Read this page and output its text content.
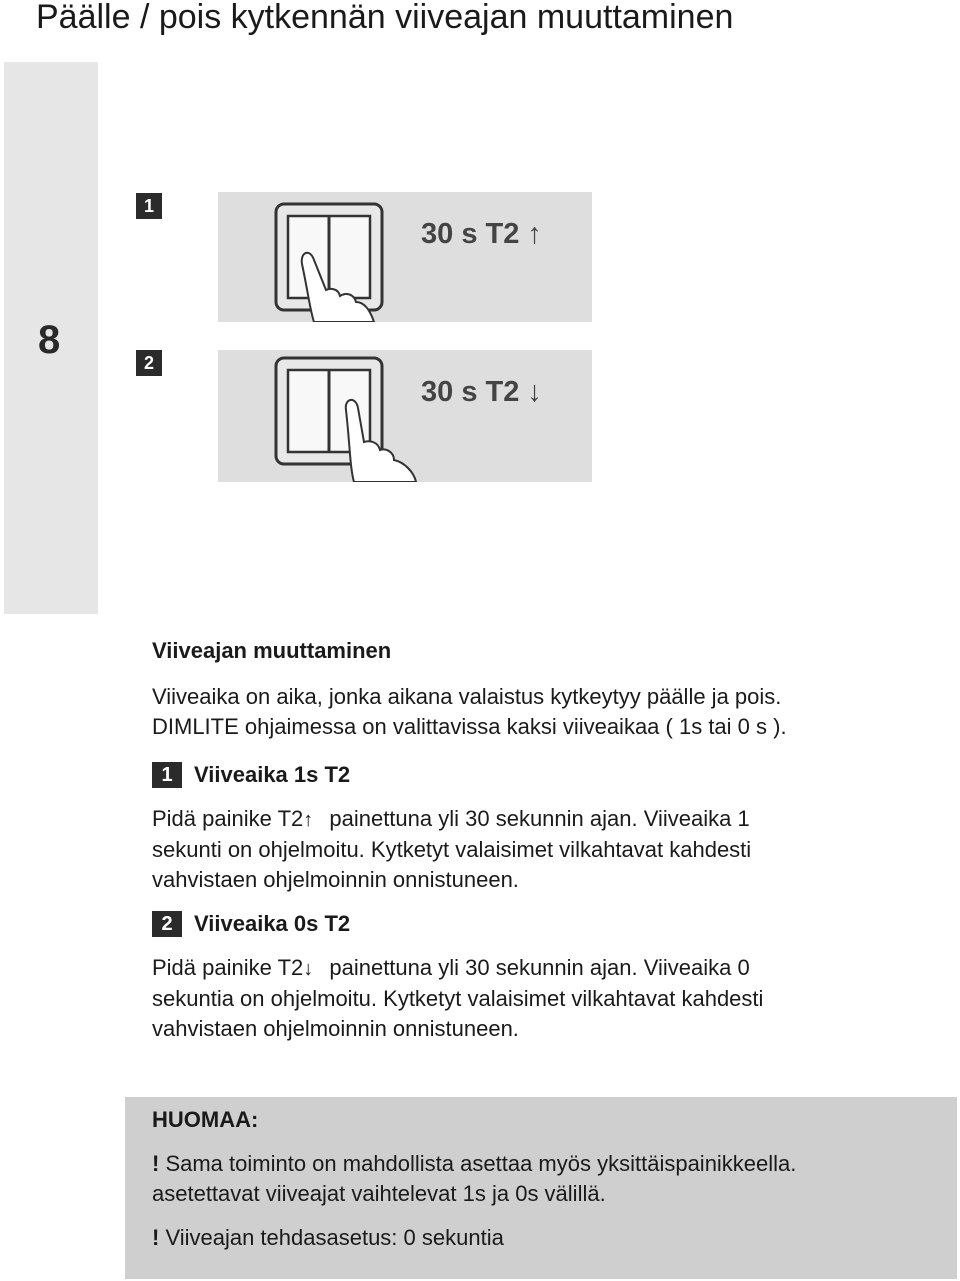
Päälle / pois kytkennän viiveajan muuttaminen
8
1
2
30 s T2 ↑
30 s T2 ↓

Viiveajan muuttaminen

Viiveaika on aika, jonka aikana valaistus kytkeytyy päälle ja pois.

DIMLITE ohjaimessa on valittavissa kaksi viiveaikaa ( 1s tai 0 s ).

1 Viiveaika 1s T2

Pidä painike T2↑ painettuna yli 30 sekunnin ajan. Viiveaika 1

sekunti on ohjelmoitu. Kytketyt valaisimet vilkahtavat kahdesti

vahvistaen ohjelmoinnin onnistuneen.

2 Viiveaika 0s T2

Pidä painike T2↓ painettuna yli 30 sekunnin ajan. Viiveaika 0

sekuntia on ohjelmoitu. Kytketyt valaisimet vilkahtavat kahdesti

vahvistaen ohjelmoinnin onnistuneen.

HUOMAA:

! Sama toiminto on mahdollista asettaa myös yksittäispainikkeella.
asetettavat viiveajat vaihtelevat 1s ja 0s välillä.

! Viiveajan tehdasasetus: 0 sekuntia
